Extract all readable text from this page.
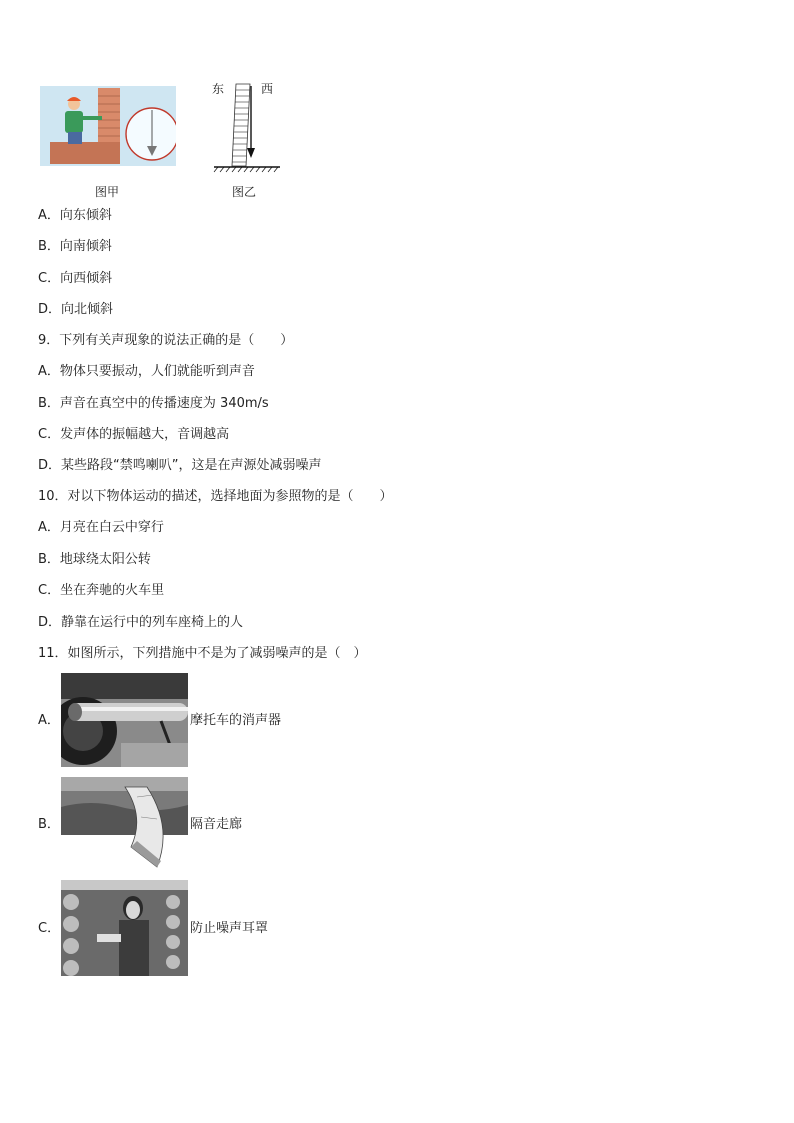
图甲
东	西
图乙
A．向东倾斜
B．向南倾斜
C．向西倾斜
D．向北倾斜
9．下列有关声现象的说法正确的是（　　）
A．物体只要振动，人们就能听到声音
B．声音在真空中的传播速度为 340m/s
C．发声体的振幅越大，音调越高
D．某些路段“禁鸣喇叭”，这是在声源处减弱噪声
10．对以下物体运动的描述，选择地面为参照物的是（　　）
A．月亮在白云中穿行
B．地球绕太阳公转
C．坐在奔驰的火车里
D．静靠在运行中的列车座椅上的人
11．如图所示，下列措施中不是为了减弱噪声的是（　）
A．	摩托车的消声器
B．	隔音走廊
C．	防止噪声耳罩
